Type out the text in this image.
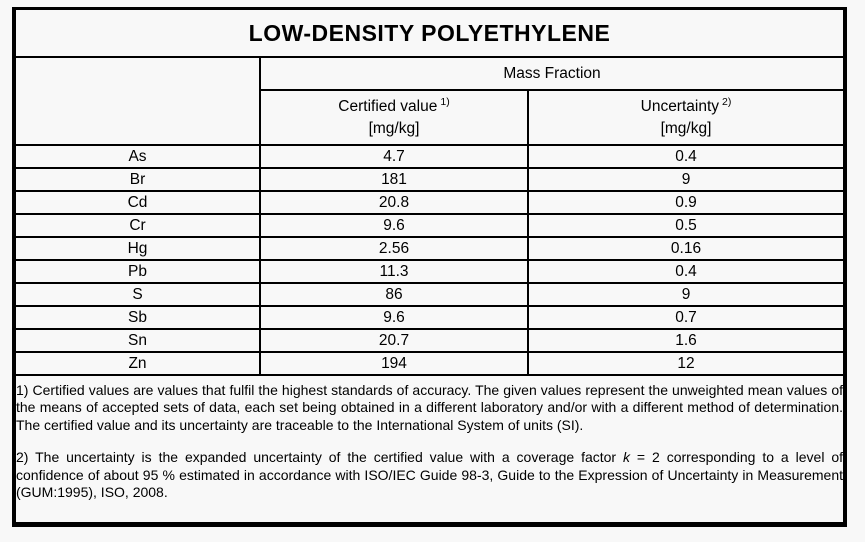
LOW-DENSITY POLYETHYLENE		
	Mass Fraction	

Certified value $^{1)}$
[mg/kg]

Uncertainty $^{2)}$
[mg/kg]

As	4.7	0.4
Br	181	9
Cd	20.8	0.9
Cr	9.6	0.5
Hg	2.56	0.16
Pb	11.3	0.4
S	86	9
Sb	9.6	0.7
Sn	20.7	1.6
Zn	194	12

1) Certified values are values that fulfil the highest standards of accuracy. The given values represent the unweighted mean values of the means of accepted sets of data, each set being obtained in a different laboratory and/or with a different method of determination. The certified value and its uncertainty are traceable to the International System of units (SI).

2) The uncertainty is the expanded uncertainty of the certified value with a coverage factor k = 2 corresponding to a level of confidence of about 95 % estimated in accordance with ISO/IEC Guide 98-3, Guide to the Expression of Uncertainty in Measurement (GUM:1995), ISO, 2008.		
